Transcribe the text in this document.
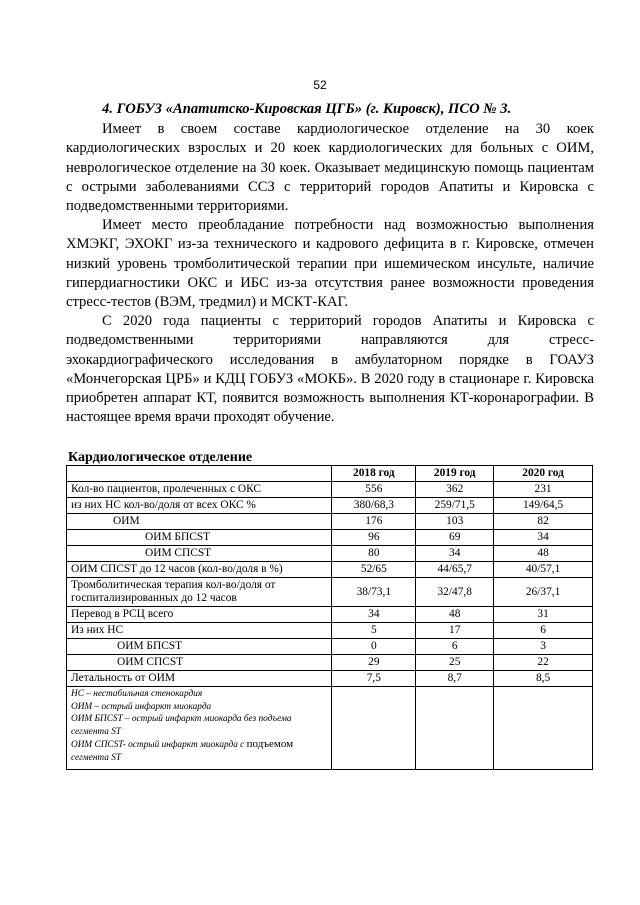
52

4. ГОБУЗ «Апатитско-Кировская ЦГБ» (г. Кировск), ПСО № 3.

Имеет в своем составе кардиологическое отделение на 30 коек кардиологических взрослых и 20 коек кардиологических для больных с ОИМ, неврологическое отделение на 30 коек. Оказывает медицинскую помощь пациентам с острыми заболеваниями ССЗ с территорий городов Апатиты и Кировска с подведомственными территориями.

Имеет место преобладание потребности над возможностью выполнения ХМЭКГ, ЭХОКГ из-за технического и кадрового дефицита в г. Кировске, отмечен низкий уровень тромболитической терапии при ишемическом инсульте, наличие гипердиагностики ОКС и ИБС из-за отсутствия ранее возможности проведения стресс-тестов (ВЭМ, тредмил) и МСКТ-КАГ.

С 2020 года пациенты с территорий городов Апатиты и Кировска с подведомственными территориями направляются для стресс-эхокардиографического исследования в амбулаторном порядке в ГОАУЗ «Мончегорская ЦРБ» и КДЦ ГОБУЗ «МОКБ». В 2020 году в стационаре г. Кировска приобретен аппарат КТ, появится возможность выполнения КТ-коронарографии. В настоящее время врачи проходят обучение.

Кардиологическое отделение
	2018 год	2019 год	2020 год
Кол-во пациентов, пролеченных с ОКС	556	362	231
из них НС кол-во/доля от всех ОКС %	380/68,3	259/71,5	149/64,5
ОИМ	176	103	82
ОИМ БПСST	96	69	34
ОИМ СПСST	80	34	48
ОИМ СПСST до 12 часов (кол-во/доля в %)	52/65	44/65,7	40/57,1
Тромболитическая терапия кол-во/доля от госпитализированных до 12 часов	38/73,1	32/47,8	26/37,1
Перевод в РСЦ всего	34	48	31
Из них НС	5	17	6
ОИМ БПСST	0	6	3
ОИМ СПСST	29	25	22
Летальность от ОИМ	7,5	8,7	8,5

НС – нестабильная стенокардия
ОИМ – острый инфаркт миокарда
ОИМ БПСST – острый инфаркт миокарда без подъема сегмента ST
ОИМ СПСST- острый инфаркт миокарда с подъемом
сегмента ST			
